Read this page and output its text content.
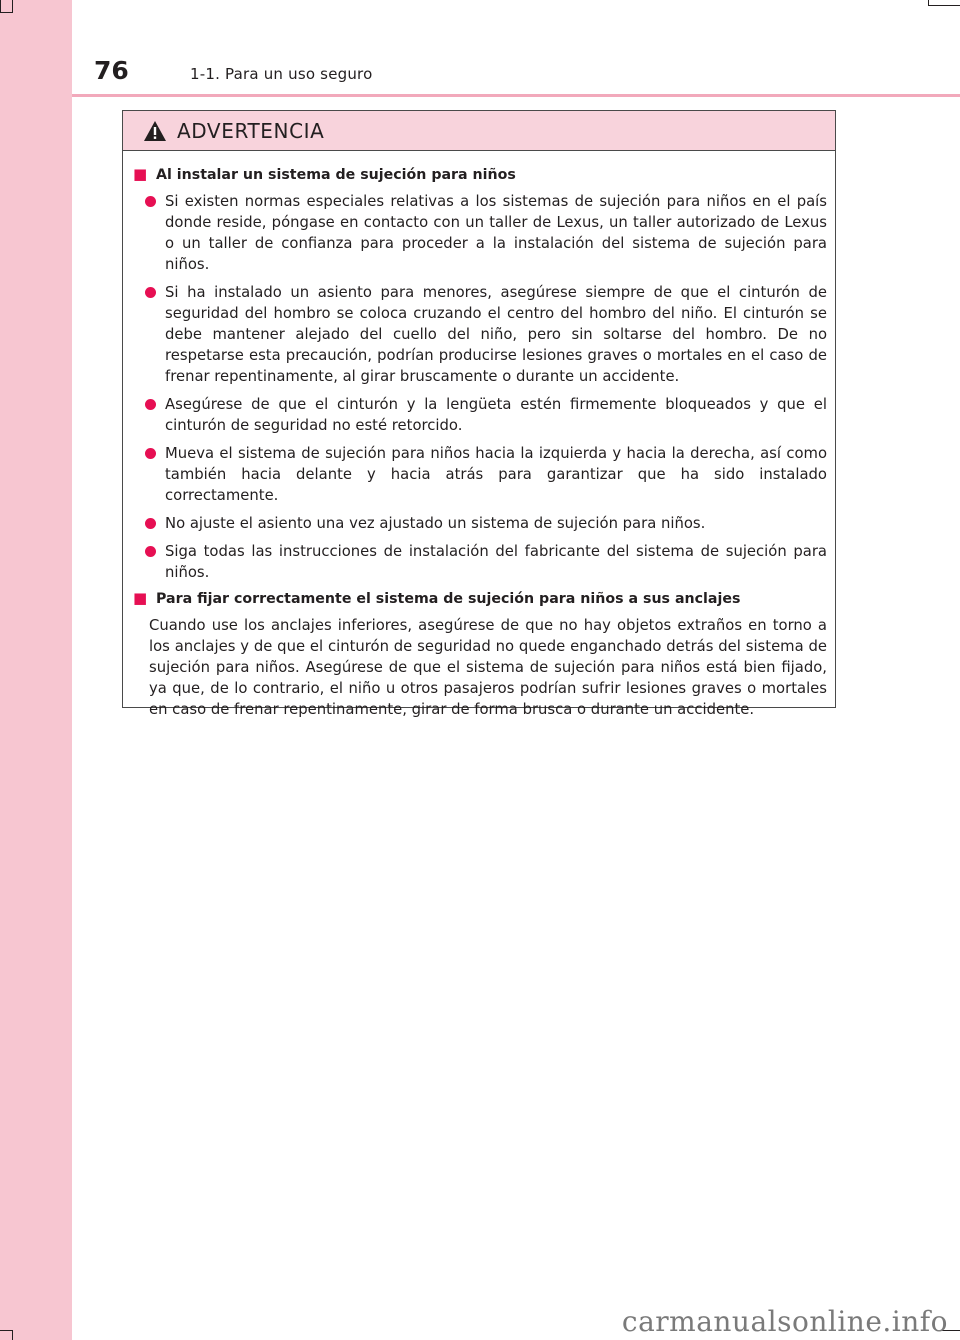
76	1-1. Para un uso seguro
ADVERTENCIA
■ Al instalar un sistema de sujeción para niños
Si existen normas especiales relativas a los sistemas de sujeción para niños en el país donde reside, póngase en contacto con un taller de Lexus, un taller autorizado de Lexus o un taller de confianza para proceder a la instalación del sistema de sujeción para niños.
Si ha instalado un asiento para menores, asegúrese siempre de que el cinturón de seguridad del hombro se coloca cruzando el centro del hombro del niño. El cinturón se debe mantener alejado del cuello del niño, pero sin soltarse del hombro. De no respetarse esta precaución, podrían producirse lesiones graves o mortales en el caso de frenar repentinamente, al girar bruscamente o durante un accidente.
Asegúrese de que el cinturón y la lengüeta estén firmemente bloqueados y que el cinturón de seguridad no esté retorcido.
Mueva el sistema de sujeción para niños hacia la izquierda y hacia la derecha, así como también hacia delante y hacia atrás para garantizar que ha sido instalado correctamente.
No ajuste el asiento una vez ajustado un sistema de sujeción para niños.
Siga todas las instrucciones de instalación del fabricante del sistema de sujeción para niños.
■ Para fijar correctamente el sistema de sujeción para niños a sus anclajes

Cuando use los anclajes inferiores, asegúrese de que no hay objetos extraños en torno a los anclajes y de que el cinturón de seguridad no quede enganchado detrás del sistema de sujeción para niños. Asegúrese de que el sistema de sujeción para niños está bien fijado, ya que, de lo contrario, el niño u otros pasajeros podrían sufrir lesiones graves o mortales en caso de frenar repentinamente, girar de forma brusca o durante un accidente.

carmanualsonline.info
